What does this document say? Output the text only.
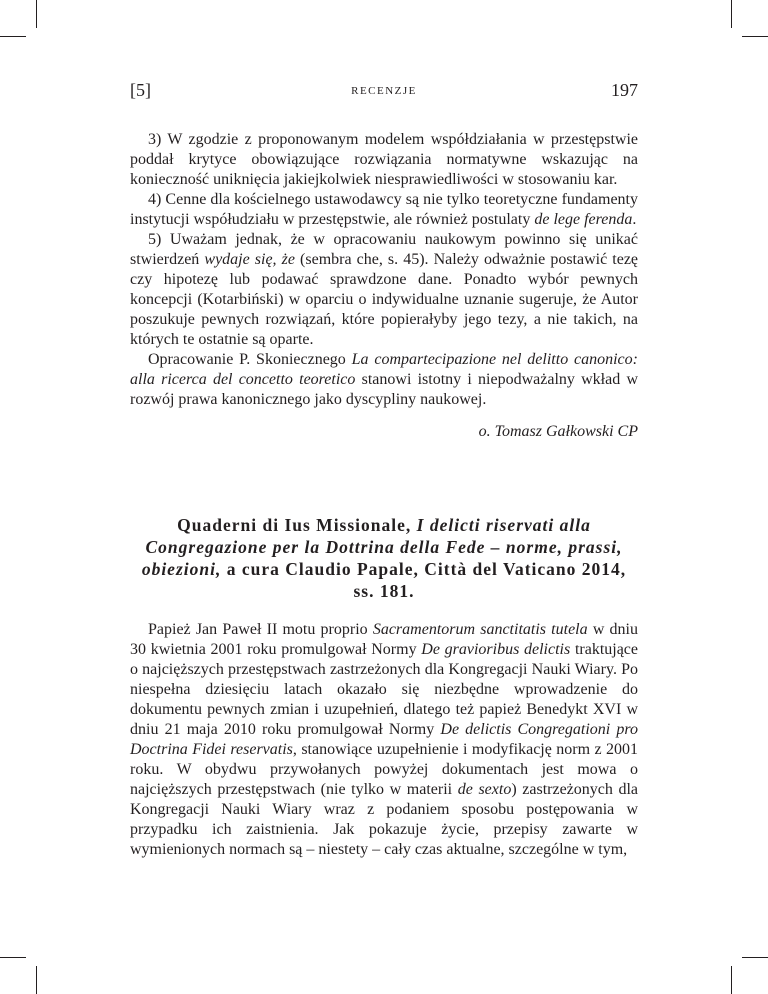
[5]	recenzje	197

3) W zgodzie z proponowanym modelem współdziałania w przestępstwie poddał krytyce obowiązujące rozwiązania normatywne wskazując na konieczność uniknięcia jakiejkolwiek niesprawiedliwości w stosowaniu kar.

4) Cenne dla kościelnego ustawodawcy są nie tylko teoretyczne fundamenty instytucji współudziału w przestępstwie, ale również postulaty de lege ferenda.

5) Uważam jednak, że w opracowaniu naukowym powinno się unikać stwierdzeń wydaje się, że (sembra che, s. 45). Należy odważnie postawić tezę czy hipotezę lub podawać sprawdzone dane. Ponadto wybór pewnych koncepcji (Kotarbiński) w oparciu o indywidualne uznanie sugeruje, że Autor poszukuje pewnych rozwiązań, które popierałyby jego tezy, a nie takich, na których te ostatnie są oparte.

Opracowanie P. Skoniecznego La compartecipazione nel delitto canonico: alla ricerca del concetto teoretico stanowi istotny i niepodważalny wkład w rozwój prawa kanonicznego jako dyscypliny naukowej.

o. Tomasz Gałkowski CP

Quaderni di Ius Missionale, I delicti riservati alla Congregazione per la Dottrina della Fede – norme, prassi, obiezioni, a cura Claudio Papale, Città del Vaticano 2014, ss. 181.

Papież Jan Paweł II motu proprio Sacramentorum sanctitatis tutela w dniu 30 kwietnia 2001 roku promulgował Normy De gravioribus delictis traktujące o najcięższych przestępstwach zastrzeżonych dla Kongregacji Nauki Wiary. Po niespełna dziesięciu latach okazało się niezbędne wprowadzenie do dokumentu pewnych zmian i uzupełnień, dlatego też papież Benedykt XVI w dniu 21 maja 2010 roku promulgował Normy De delictis Congregationi pro Doctrina Fidei reservatis, stanowiące uzupełnienie i modyfikację norm z 2001 roku. W obydwu przywołanych powyżej dokumentach jest mowa o najcięższych przestępstwach (nie tylko w materii de sexto) zastrzeżonych dla Kongregacji Nauki Wiary wraz z podaniem sposobu postępowania w przypadku ich zaistnienia. Jak pokazuje życie, przepisy zawarte w wymienionych normach są – niestety – cały czas aktualne, szczególne w tym,
